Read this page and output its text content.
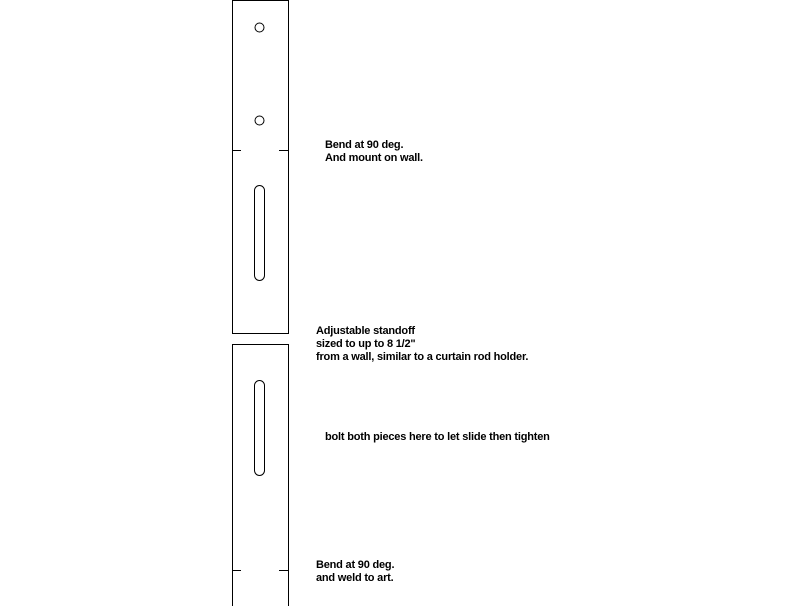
Bend at 90 deg.
And mount on wall.
Adjustable standoff
sized to up to 8 1/2"
from a wall, similar to a curtain rod holder.
bolt both pieces here to let slide then tighten
Bend at 90 deg.
and weld to art.
